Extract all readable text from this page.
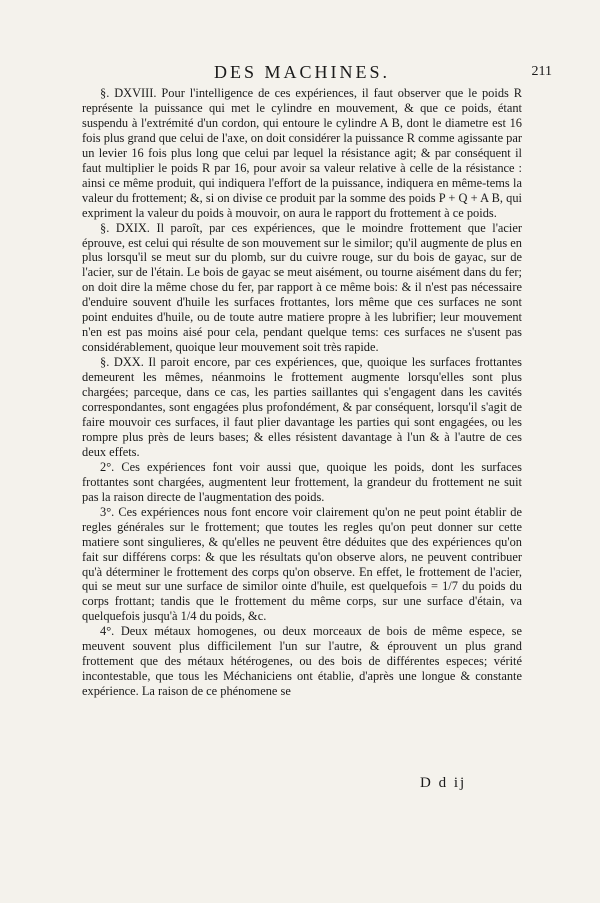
DES MACHINES.	211

§. DXVIII. Pour l'intelligence de ces expériences, il faut observer que le poids R représente la puissance qui met le cylindre en mouvement, & que ce poids, étant suspendu à l'extrémité d'un cordon, qui entoure le cylindre A B, dont le diametre est 16 fois plus grand que celui de l'axe, on doit considérer la puissance R comme agissante par un levier 16 fois plus long que celui par lequel la résistance agit; & par conséquent il faut multiplier le poids R par 16, pour avoir sa valeur relative à celle de la résistance : ainsi ce même produit, qui indiquera l'effort de la puissance, indiquera en même-tems la valeur du frottement; &, si on divise ce produit par la somme des poids P + Q + A B, qui expriment la valeur du poids à mouvoir, on aura le rapport du frottement à ce poids.

§. DXIX. Il paroît, par ces expériences, que le moindre frottement que l'acier éprouve, est celui qui résulte de son mouvement sur le similor; qu'il augmente de plus en plus lorsqu'il se meut sur du plomb, sur du cuivre rouge, sur du bois de gayac, sur de l'acier, sur de l'étain. Le bois de gayac se meut aisément, ou tourne aisément dans du fer; on doit dire la même chose du fer, par rapport à ce même bois: & il n'est pas nécessaire d'enduire souvent d'huile les surfaces frottantes, lors même que ces surfaces ne sont point enduites d'huile, ou de toute autre matiere propre à les lubrifier; leur mouvement n'en est pas moins aisé pour cela, pendant quelque tems: ces surfaces ne s'usent pas considérablement, quoique leur mouvement soit très rapide.

§. DXX. Il paroit encore, par ces expériences, que, quoique les surfaces frottantes demeurent les mêmes, néanmoins le frottement augmente lorsqu'elles sont plus chargées; parceque, dans ce cas, les parties saillantes qui s'engagent dans les cavités correspondantes, sont engagées plus profondément, & par conséquent, lorsqu'il s'agit de faire mouvoir ces surfaces, il faut plier davantage les parties qui sont engagées, ou les rompre plus près de leurs bases; & elles résistent davantage à l'un & à l'autre de ces deux effets.

2°. Ces expériences font voir aussi que, quoique les poids, dont les surfaces frottantes sont chargées, augmentent leur frottement, la grandeur du frottement ne suit pas la raison directe de l'augmentation des poids.

3°. Ces expériences nous font encore voir clairement qu'on ne peut point établir de regles générales sur le frottement; que toutes les regles qu'on peut donner sur cette matiere sont singulieres, & qu'elles ne peuvent être déduites que des expériences qu'on fait sur différens corps: & que les résultats qu'on observe alors, ne peuvent contribuer qu'à déterminer le frottement des corps qu'on observe. En effet, le frottement de l'acier, qui se meut sur une surface de similor ointe d'huile, est quelquefois = 1/7 du poids du corps frottant; tandis que le frottement du même corps, sur une surface d'étain, va quelquefois jusqu'à 1/4 du poids, &c.

4°. Deux métaux homogenes, ou deux morceaux de bois de même espece, se meuvent souvent plus difficilement l'un sur l'autre, & éprouvent un plus grand frottement que des métaux hétérogenes, ou des bois de différentes especes; vérité incontestable, que tous les Méchaniciens ont établie, d'après une longue & constante expérience. La raison de ce phénomene se

D d ij
